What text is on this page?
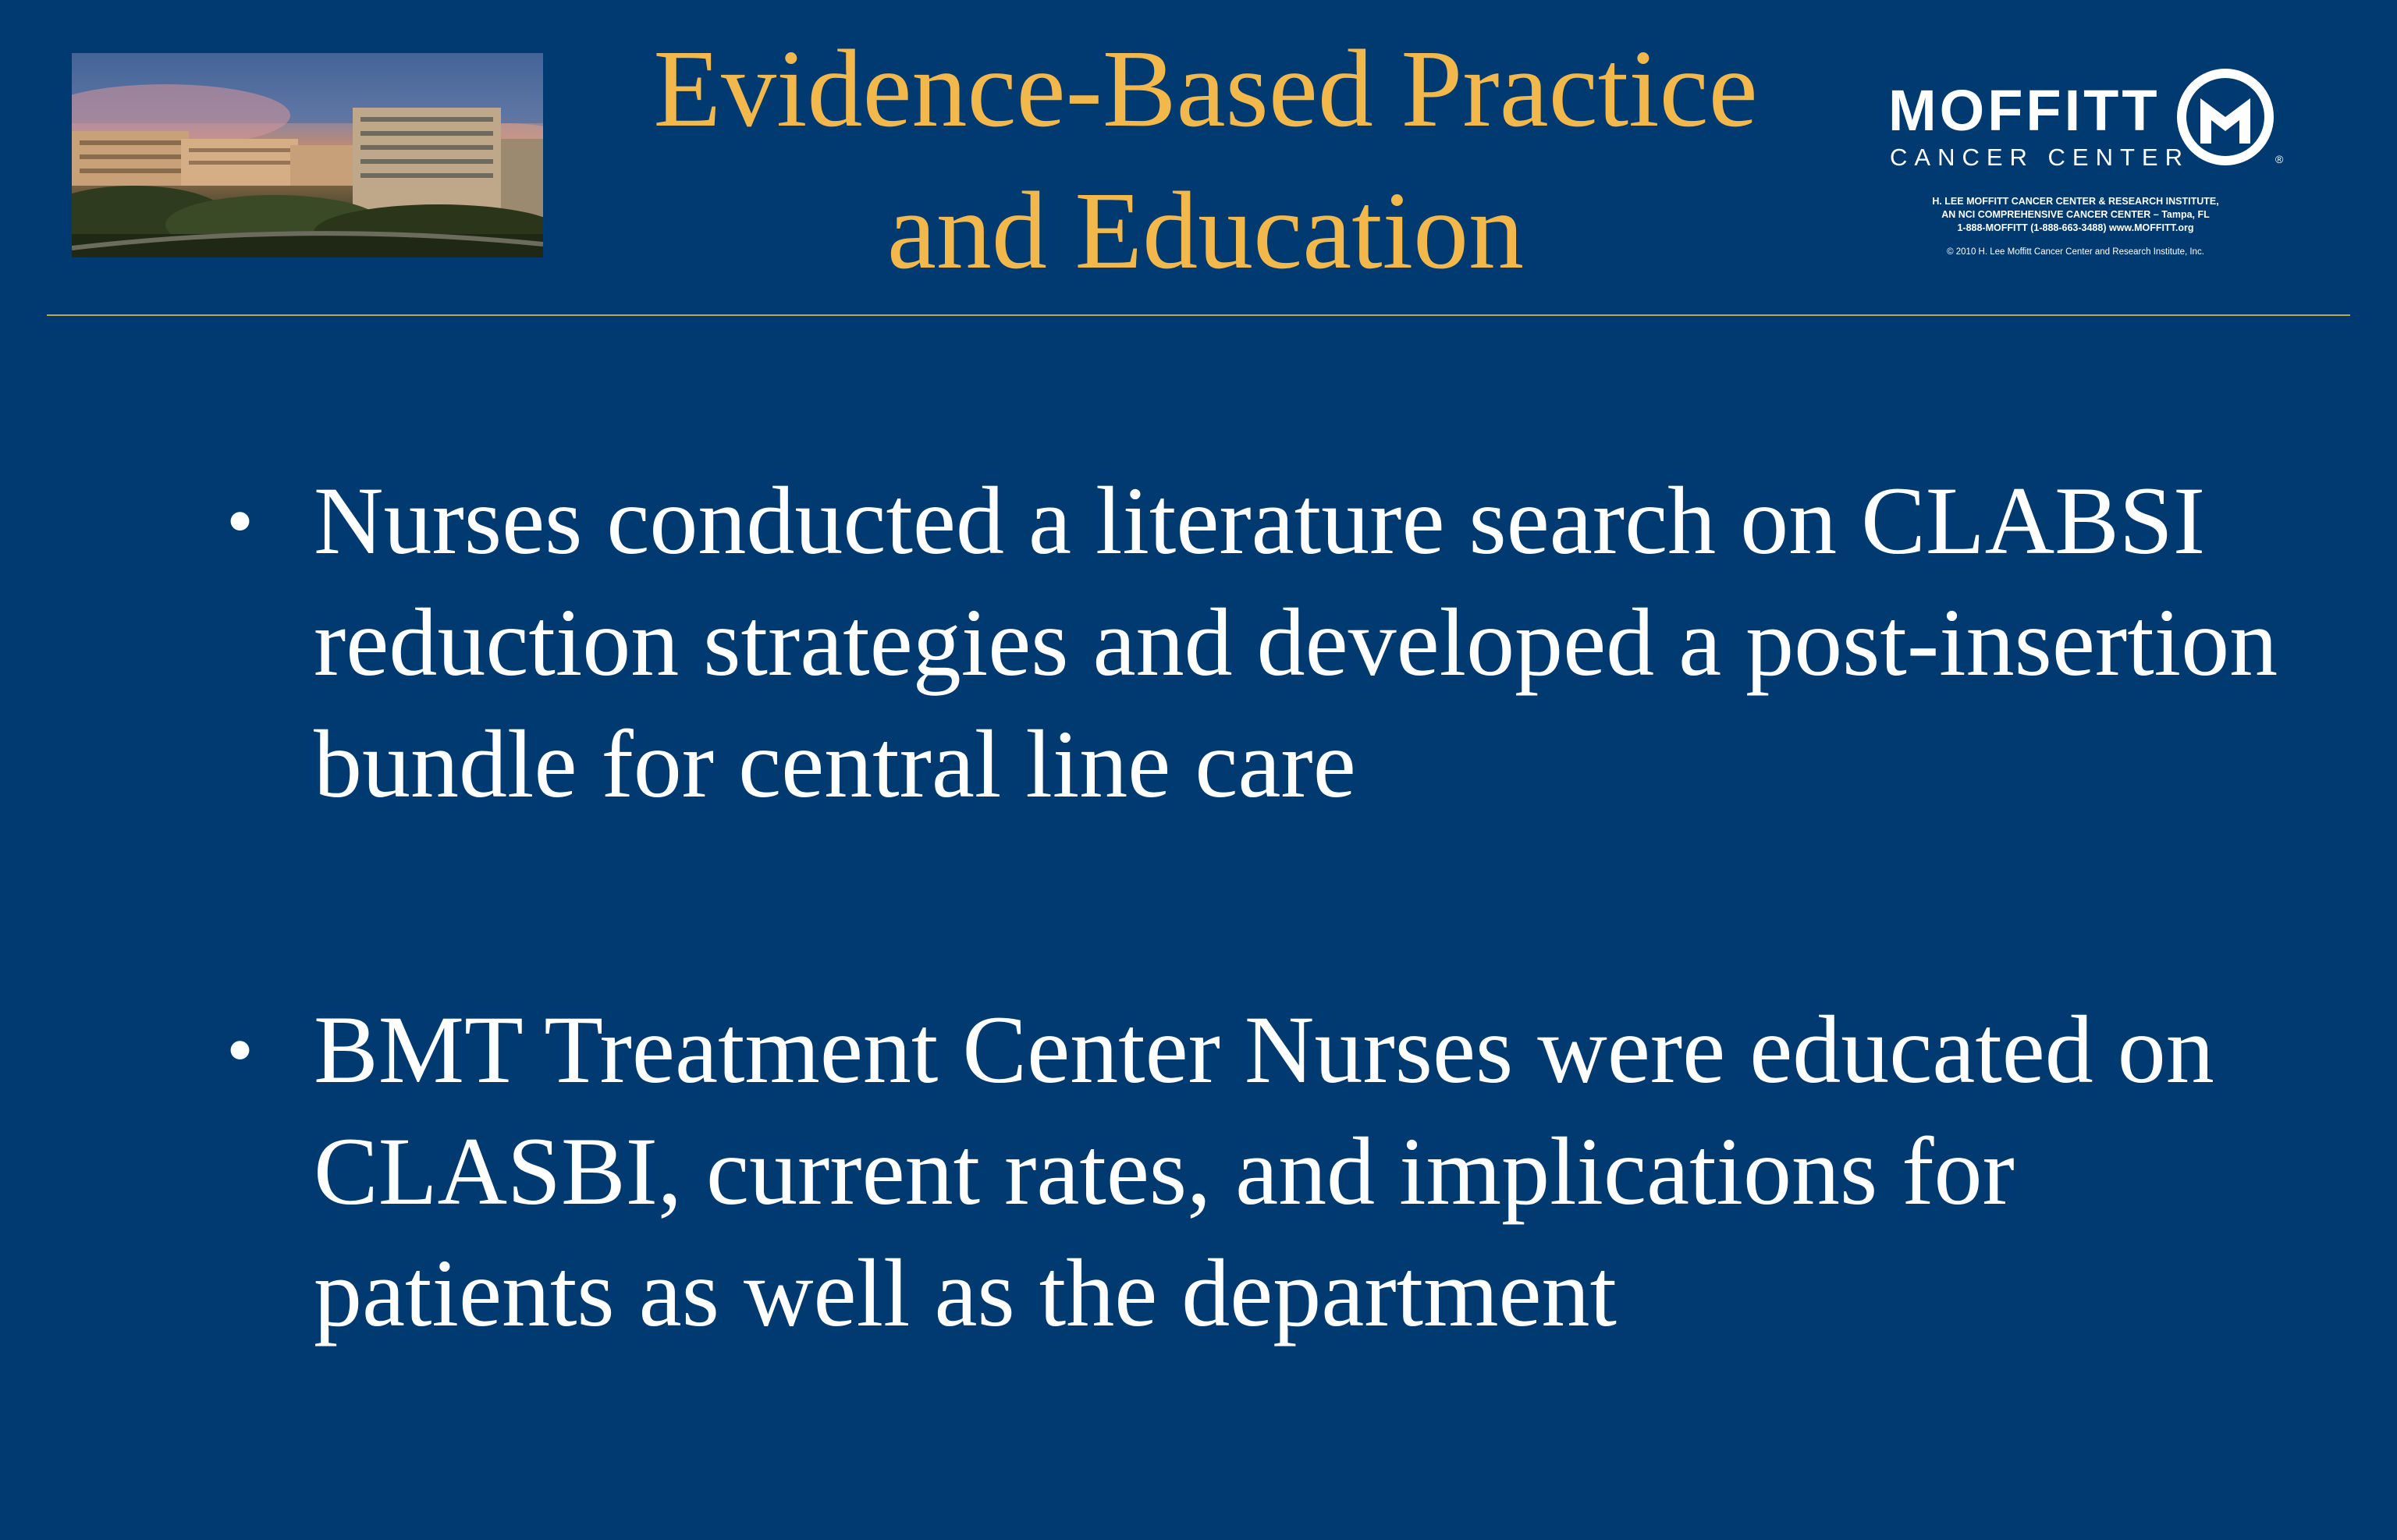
Evidence-Based Practice
and Education
MOFFITT
CANCER CENTER	®
H. LEE MOFFITT CANCER CENTER & RESEARCH INSTITUTE,
AN NCI COMPREHENSIVE CANCER CENTER – Tampa, FL
1-888-MOFFITT (1-888-663-3488) www.MOFFITT.org
© 2010 H. Lee Moffitt Cancer Center and Research Institute, Inc.
• Nurses conducted a literature search on CLABSI reduction strategies and developed a post-insertion bundle for central line care
• BMT Treatment Center Nurses were educated on CLASBI, current rates, and implications for patients as well as the department
